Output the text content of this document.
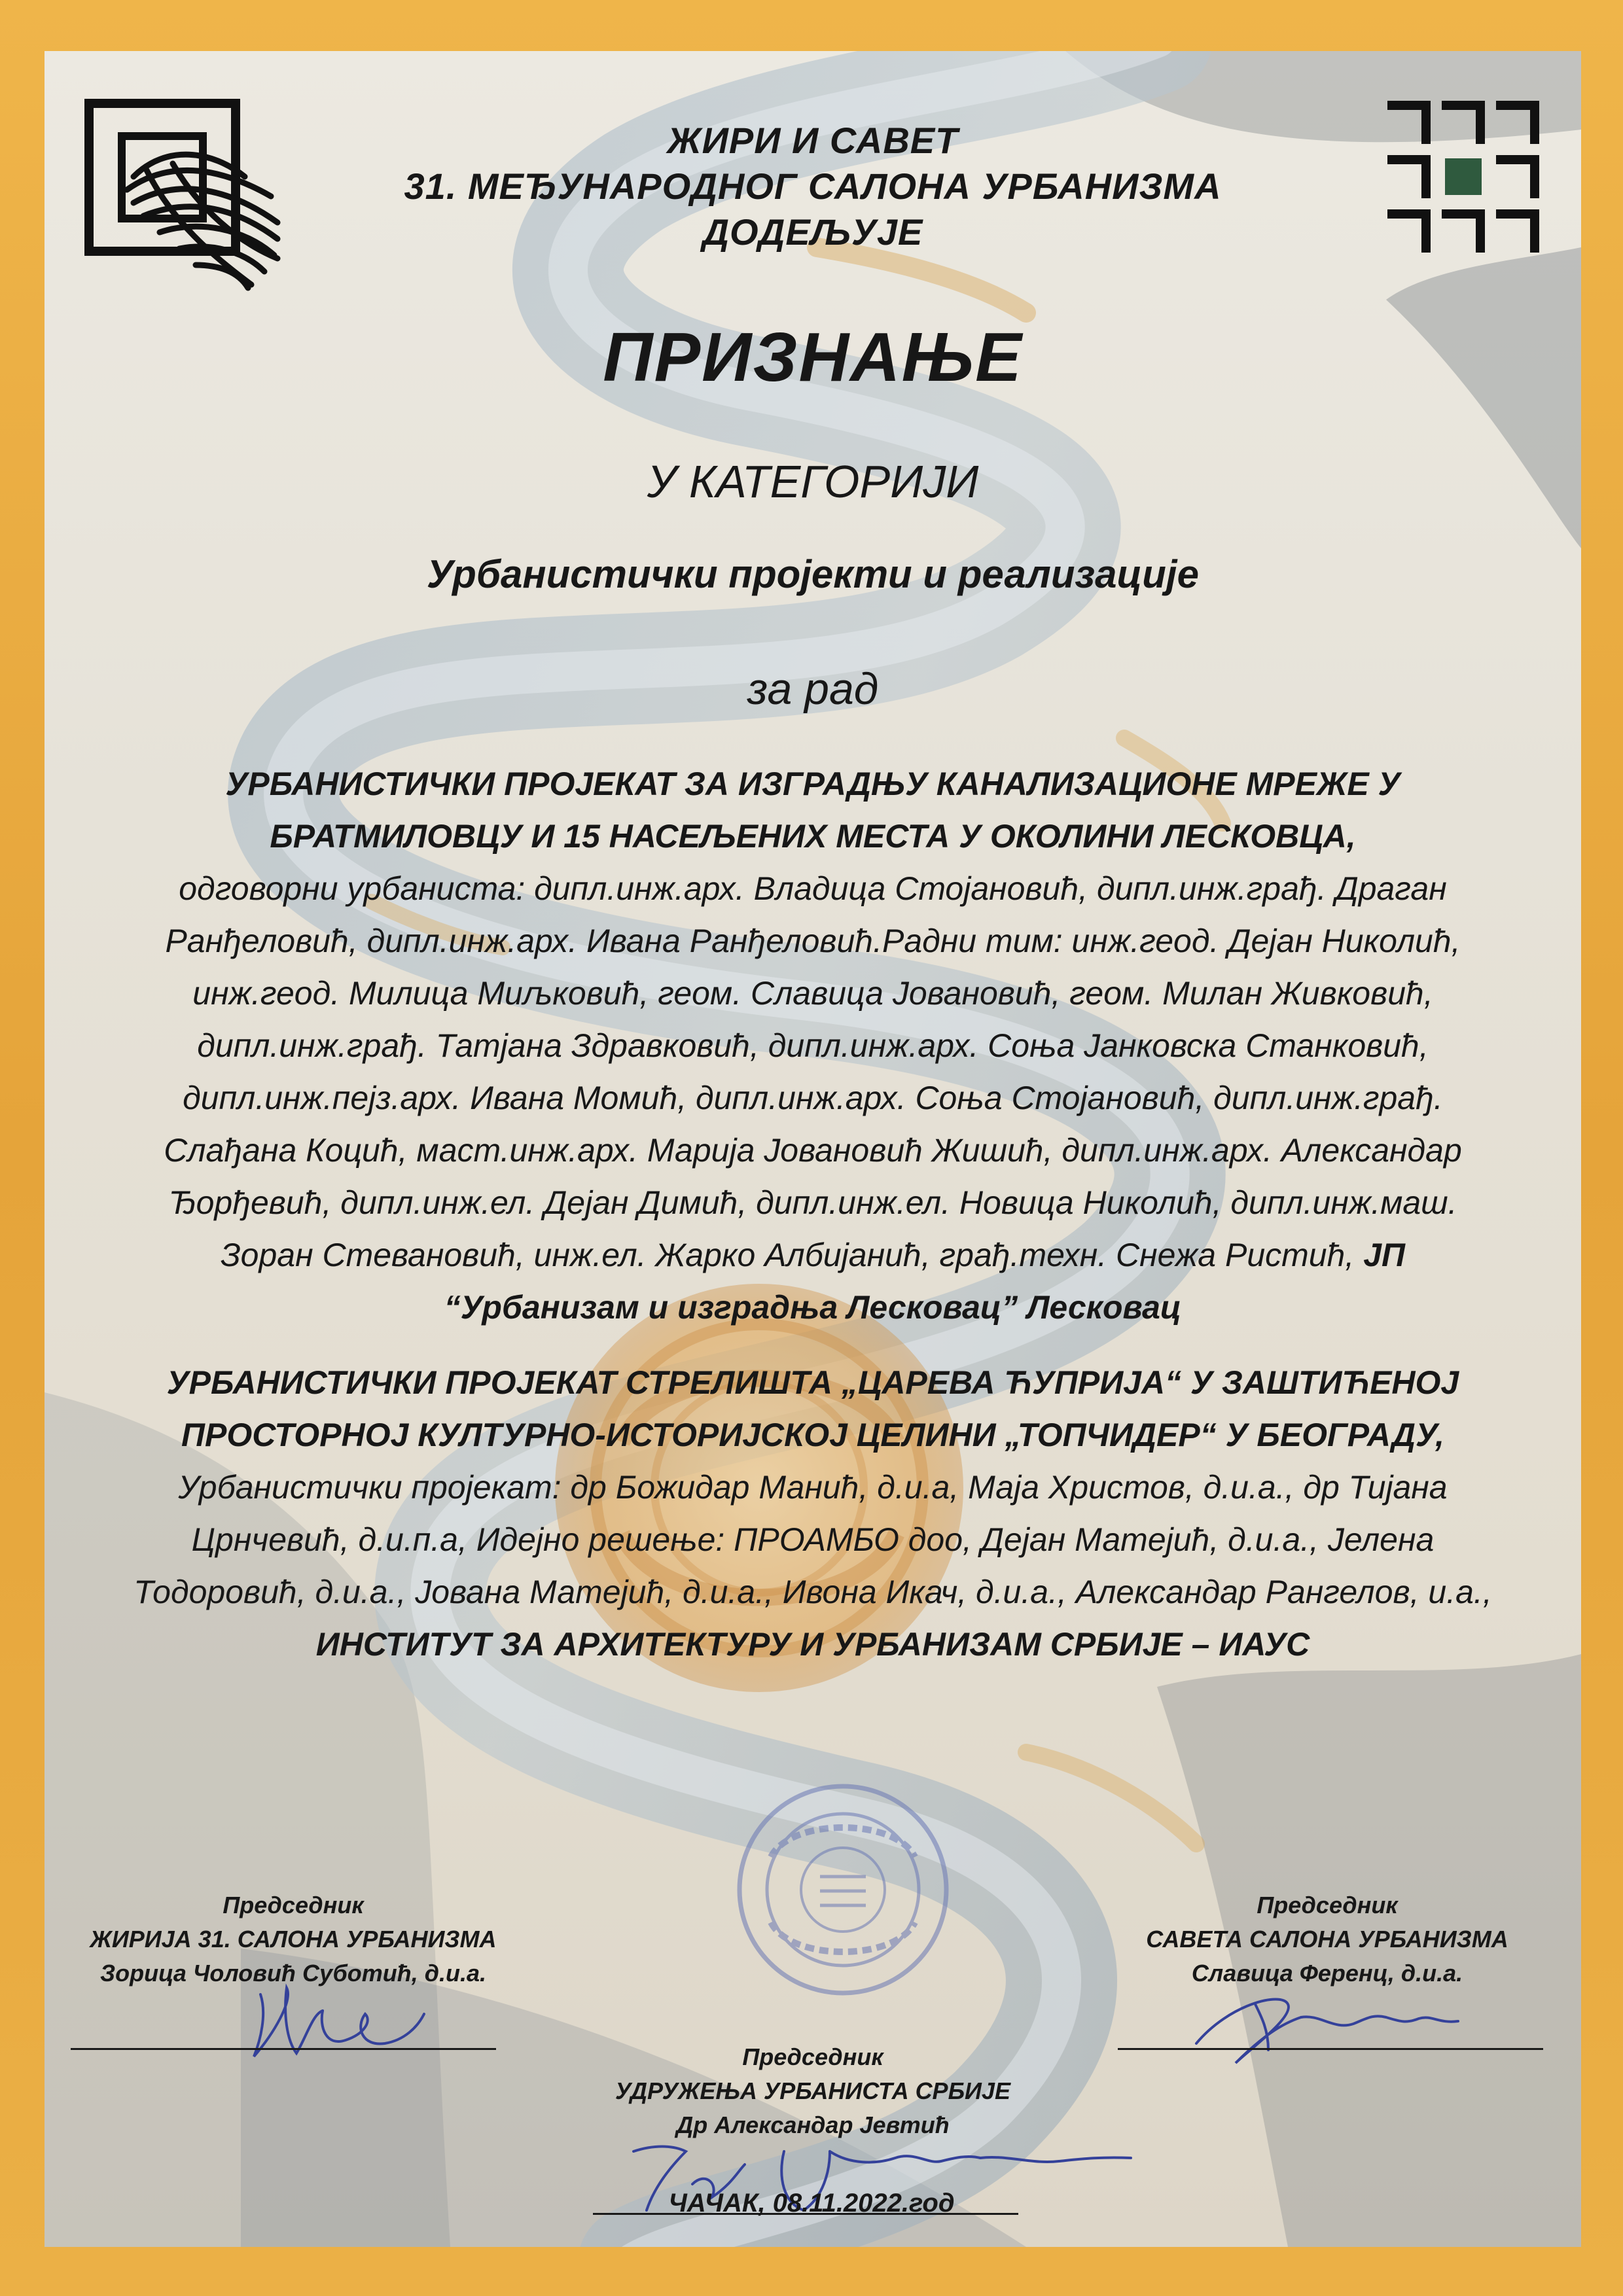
ЖИРИ И САВЕТ
31. МЕЂУНАРОДНОГ САЛОНА УРБАНИЗМА
ДОДЕЉУЈЕ
ПРИЗНАЊЕ
У КАТЕГОРИЈИ
Урбанистички пројекти и реализације
за рад

УРБАНИСТИЧКИ ПРОЈЕКАТ ЗА ИЗГРАДЊУ КАНАЛИЗАЦИОНЕ МРЕЖЕ У БРАТМИЛОВЦУ И 15 НАСЕЉЕНИХ МЕСТА У ОКОЛИНИ ЛЕСКОВЦА,

одговорни урбаниста: дипл.инж.арх. Владица Стојановић, дипл.инж.грађ. Драган Ранђеловић, дипл.инж.арх. Ивана Ранђеловић.Радни тим: инж.геод. Дејан Николић, инж.геод. Милица Миљковић, геом. Славица Јовановић, геом. Милан Живковић, дипл.инж.грађ. Татјана Здравковић, дипл.инж.арх. Соња Јанковска Станковић, дипл.инж.пејз.арх. Ивана Момић, дипл.инж.арх. Соња Стојановић, дипл.инж.грађ. Слађана Коцић, маст.инж.арх. Марија Јовановић Жишић, дипл.инж.арх. Александар Ђорђевић, дипл.инж.ел. Дејан Димић, дипл.инж.ел. Новица Николић, дипл.инж.маш. Зоран Стевановић, инж.ел. Жарко Албијанић, грађ.техн. Снежа Ристић, ЈП “Урбанизам и изградња Лесковац” Лесковац

УРБАНИСТИЧКИ ПРОЈЕКАТ СТРЕЛИШТА „ЦАРЕВА ЋУПРИЈА“ У ЗАШТИЋЕНОЈ ПРОСТОРНОЈ КУЛТУРНО-ИСТОРИЈСКОЈ ЦЕЛИНИ „ТОПЧИДЕР“ У БЕОГРАДУ,

Урбанистички пројекат: др Божидар Манић, д.и.а, Маја Христов, д.и.а., др Тијана Црнчевић, д.и.п.а, Идејно решење: ПРОАМБО доо, Дејан Матејић, д.и.а., Јелена Тодоровић, д.и.а., Јована Матејић, д.и.а., Ивона Икач, д.и.а., Александар Рангелов, и.а.,

ИНСТИТУТ ЗА АРХИТЕКТУРУ И УРБАНИЗАМ СРБИЈЕ – ИАУС

Председник
ЖИРИЈА 31. САЛОНА УРБАНИЗМА
Зорица Чоловић Суботић, д.и.а.
Председник
САВЕТА САЛОНА УРБАНИЗМА
Славица Ференц, д.и.а.
Председник
УДРУЖЕЊА УРБАНИСТА СРБИЈЕ
Др Александар Јевтић
ЧАЧАК, 08.11.2022.год
